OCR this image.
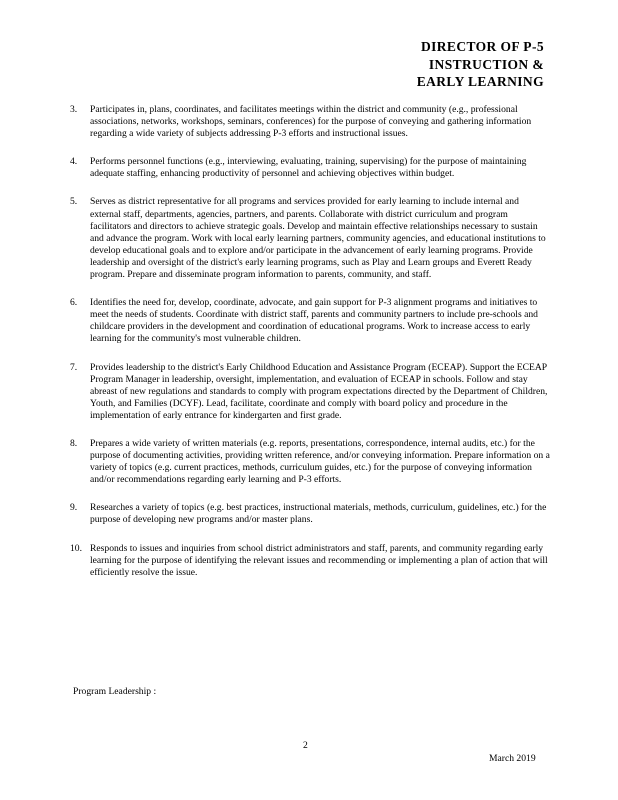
DIRECTOR OF P-5
INSTRUCTION &
EARLY LEARNING
3.	Participates in, plans, coordinates, and facilitates meetings within the district and community (e.g., professional associations, networks, workshops, seminars, conferences) for the purpose of conveying and gathering information regarding a wide variety of subjects addressing P-3 efforts and instructional issues.
4.	Performs personnel functions (e.g., interviewing, evaluating, training, supervising) for the purpose of maintaining adequate staffing, enhancing productivity of personnel and achieving objectives within budget.
5.	Serves as district representative for all programs and services provided for early learning to include internal and external staff, departments, agencies, partners, and parents. Collaborate with district curriculum and program facilitators and directors to achieve strategic goals. Develop and maintain effective relationships necessary to sustain and advance the program. Work with local early learning partners, community agencies, and educational institutions to develop educational goals and to explore and/or participate in the advancement of early learning programs. Provide leadership and oversight of the district's early learning programs, such as Play and Learn groups and Everett Ready program. Prepare and disseminate program information to parents, community, and staff.
6.	Identifies the need for, develop, coordinate, advocate, and gain support for P-3 alignment programs and initiatives to meet the needs of students. Coordinate with district staff, parents and community partners to include pre-schools and childcare providers in the development and coordination of educational programs. Work to increase access to early learning for the community's most vulnerable children.
7.	Provides leadership to the district's Early Childhood Education and Assistance Program (ECEAP). Support the ECEAP Program Manager in leadership, oversight, implementation, and evaluation of ECEAP in schools. Follow and stay abreast of new regulations and standards to comply with program expectations directed by the Department of Children, Youth, and Families (DCYF). Lead, facilitate, coordinate and comply with board policy and procedure in the implementation of early entrance for kindergarten and first grade.
8.	Prepares a wide variety of written materials (e.g. reports, presentations, correspondence, internal audits, etc.) for the purpose of documenting activities, providing written reference, and/or conveying information. Prepare information on a variety of topics (e.g. current practices, methods, curriculum guides, etc.) for the purpose of conveying information and/or recommendations regarding early learning and P-3 efforts.
9.	Researches a variety of topics (e.g. best practices, instructional materials, methods, curriculum, guidelines, etc.) for the purpose of developing new programs and/or master plans.
10. Responds to issues and inquiries from school district administrators and staff, parents, and community regarding early learning for the purpose of identifying the relevant issues and recommending or implementing a plan of action that will efficiently resolve the issue.
Program Leadership :
2
March 2019
